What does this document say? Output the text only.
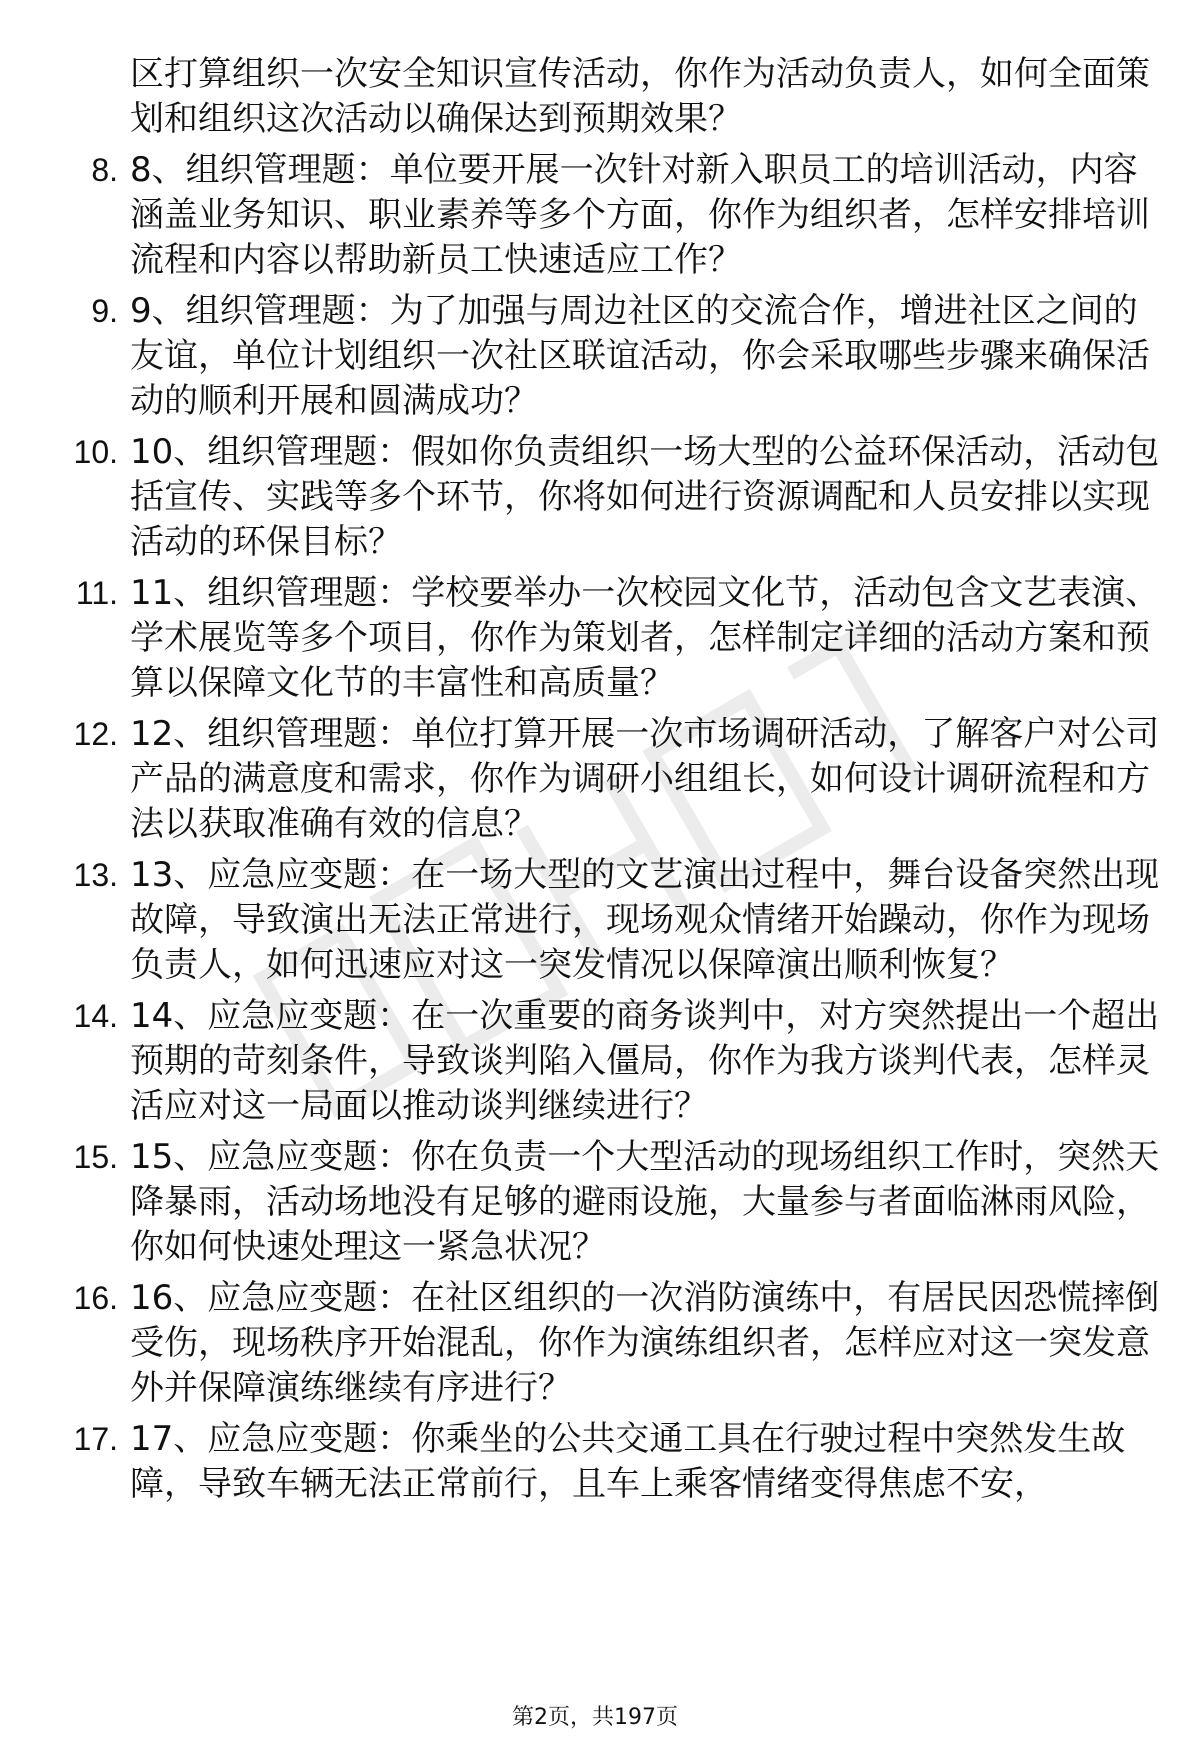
区打算组织一次安全知识宣传活动，你作为活动负责人，如何全面策划和组织这次活动以确保达到预期效果？
8. 8、组织管理题：单位要开展一次针对新入职员工的培训活动，内容涵盖业务知识、职业素养等多个方面，你作为组织者，怎样安排培训流程和内容以帮助新员工快速适应工作？
9. 9、组织管理题：为了加强与周边社区的交流合作，增进社区之间的友谊，单位计划组织一次社区联谊活动，你会采取哪些步骤来确保活动的顺利开展和圆满成功？
10. 10、组织管理题：假如你负责组织一场大型的公益环保活动，活动包括宣传、实践等多个环节，你将如何进行资源调配和人员安排以实现活动的环保目标？
11. 11、组织管理题：学校要举办一次校园文化节，活动包含文艺表演、学术展览等多个项目，你作为策划者，怎样制定详细的活动方案和预算以保障文化节的丰富性和高质量？
12. 12、组织管理题：单位打算开展一次市场调研活动，了解客户对公司产品的满意度和需求，你作为调研小组组长，如何设计调研流程和方法以获取准确有效的信息？
13. 13、应急应变题：在一场大型的文艺演出过程中，舞台设备突然出现故障，导致演出无法正常进行，现场观众情绪开始躁动，你作为现场负责人，如何迅速应对这一突发情况以保障演出顺利恢复？
14. 14、应急应变题：在一次重要的商务谈判中，对方突然提出一个超出预期的苛刻条件，导致谈判陷入僵局，你作为我方谈判代表，怎样灵活应对这一局面以推动谈判继续进行？
15. 15、应急应变题：你在负责一个大型活动的现场组织工作时，突然天降暴雨，活动场地没有足够的避雨设施，大量参与者面临淋雨风险，你如何快速处理这一紧急状况？
16. 16、应急应变题：在社区组织的一次消防演练中，有居民因恐慌摔倒受伤，现场秩序开始混乱，你作为演练组织者，怎样应对这一突发意外并保障演练继续有序进行？
17. 17、应急应变题：你乘坐的公共交通工具在行驶过程中突然发生故障，导致车辆无法正常前行，且车上乘客情绪变得焦虑不安，
第2页，共197页
